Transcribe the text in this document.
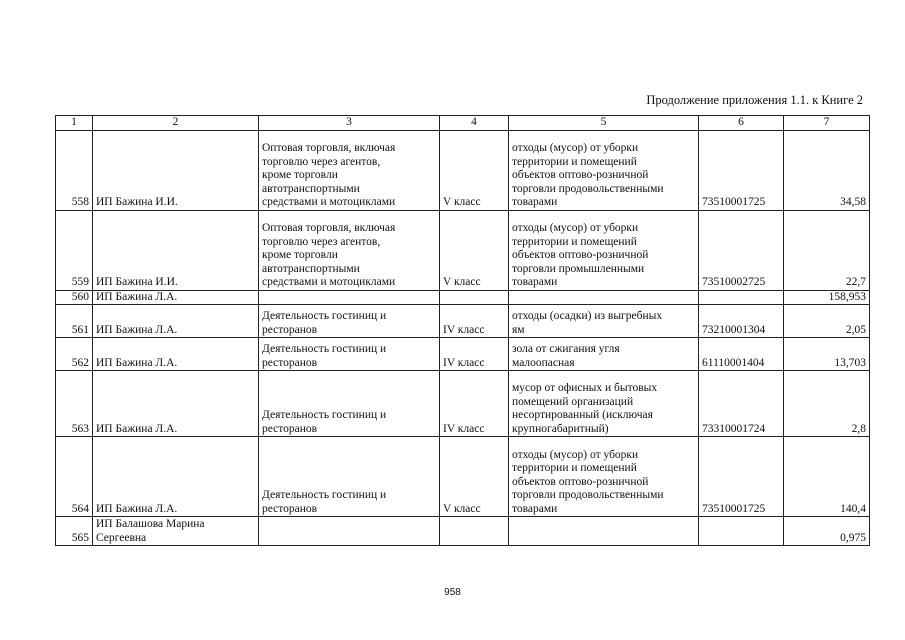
Продолжение приложения 1.1. к Книге 2
1	2	3	4	5	6	7
558	ИП Бажина И.И.	Оптовая торговля, включая
торговлю через агентов,
кроме торговли
автотранспортными
средствами и мотоциклами	V класс	отходы (мусор) от уборки
территории и помещений
объектов оптово-розничной
торговли продовольственными
товарами	73510001725	34,58
559	ИП Бажина И.И.	Оптовая торговля, включая
торговлю через агентов,
кроме торговли
автотранспортными
средствами и мотоциклами	V класс	отходы (мусор) от уборки
территории и помещений
объектов оптово-розничной
торговли промышленными
товарами	73510002725	22,7
560	ИП Бажина Л.А.					158,953
561	ИП Бажина Л.А.	Деятельность гостиниц и
ресторанов	IV класс	отходы (осадки) из выгребных
ям	73210001304	2,05
562	ИП Бажина Л.А.	Деятельность гостиниц и
ресторанов	IV класс	зола от сжигания угля
малоопасная	61110001404	13,703
563	ИП Бажина Л.А.	Деятельность гостиниц и
ресторанов	IV класс	мусор от офисных и бытовых
помещений организаций
несортированный (исключая
крупногабаритный)	73310001724	2,8
564	ИП Бажина Л.А.	Деятельность гостиниц и
ресторанов	V класс	отходы (мусор) от уборки
территории и помещений
объектов оптово-розничной
торговли продовольственными
товарами	73510001725	140,4
565	ИП Балашова Марина
Сергеевна					0,975
958
